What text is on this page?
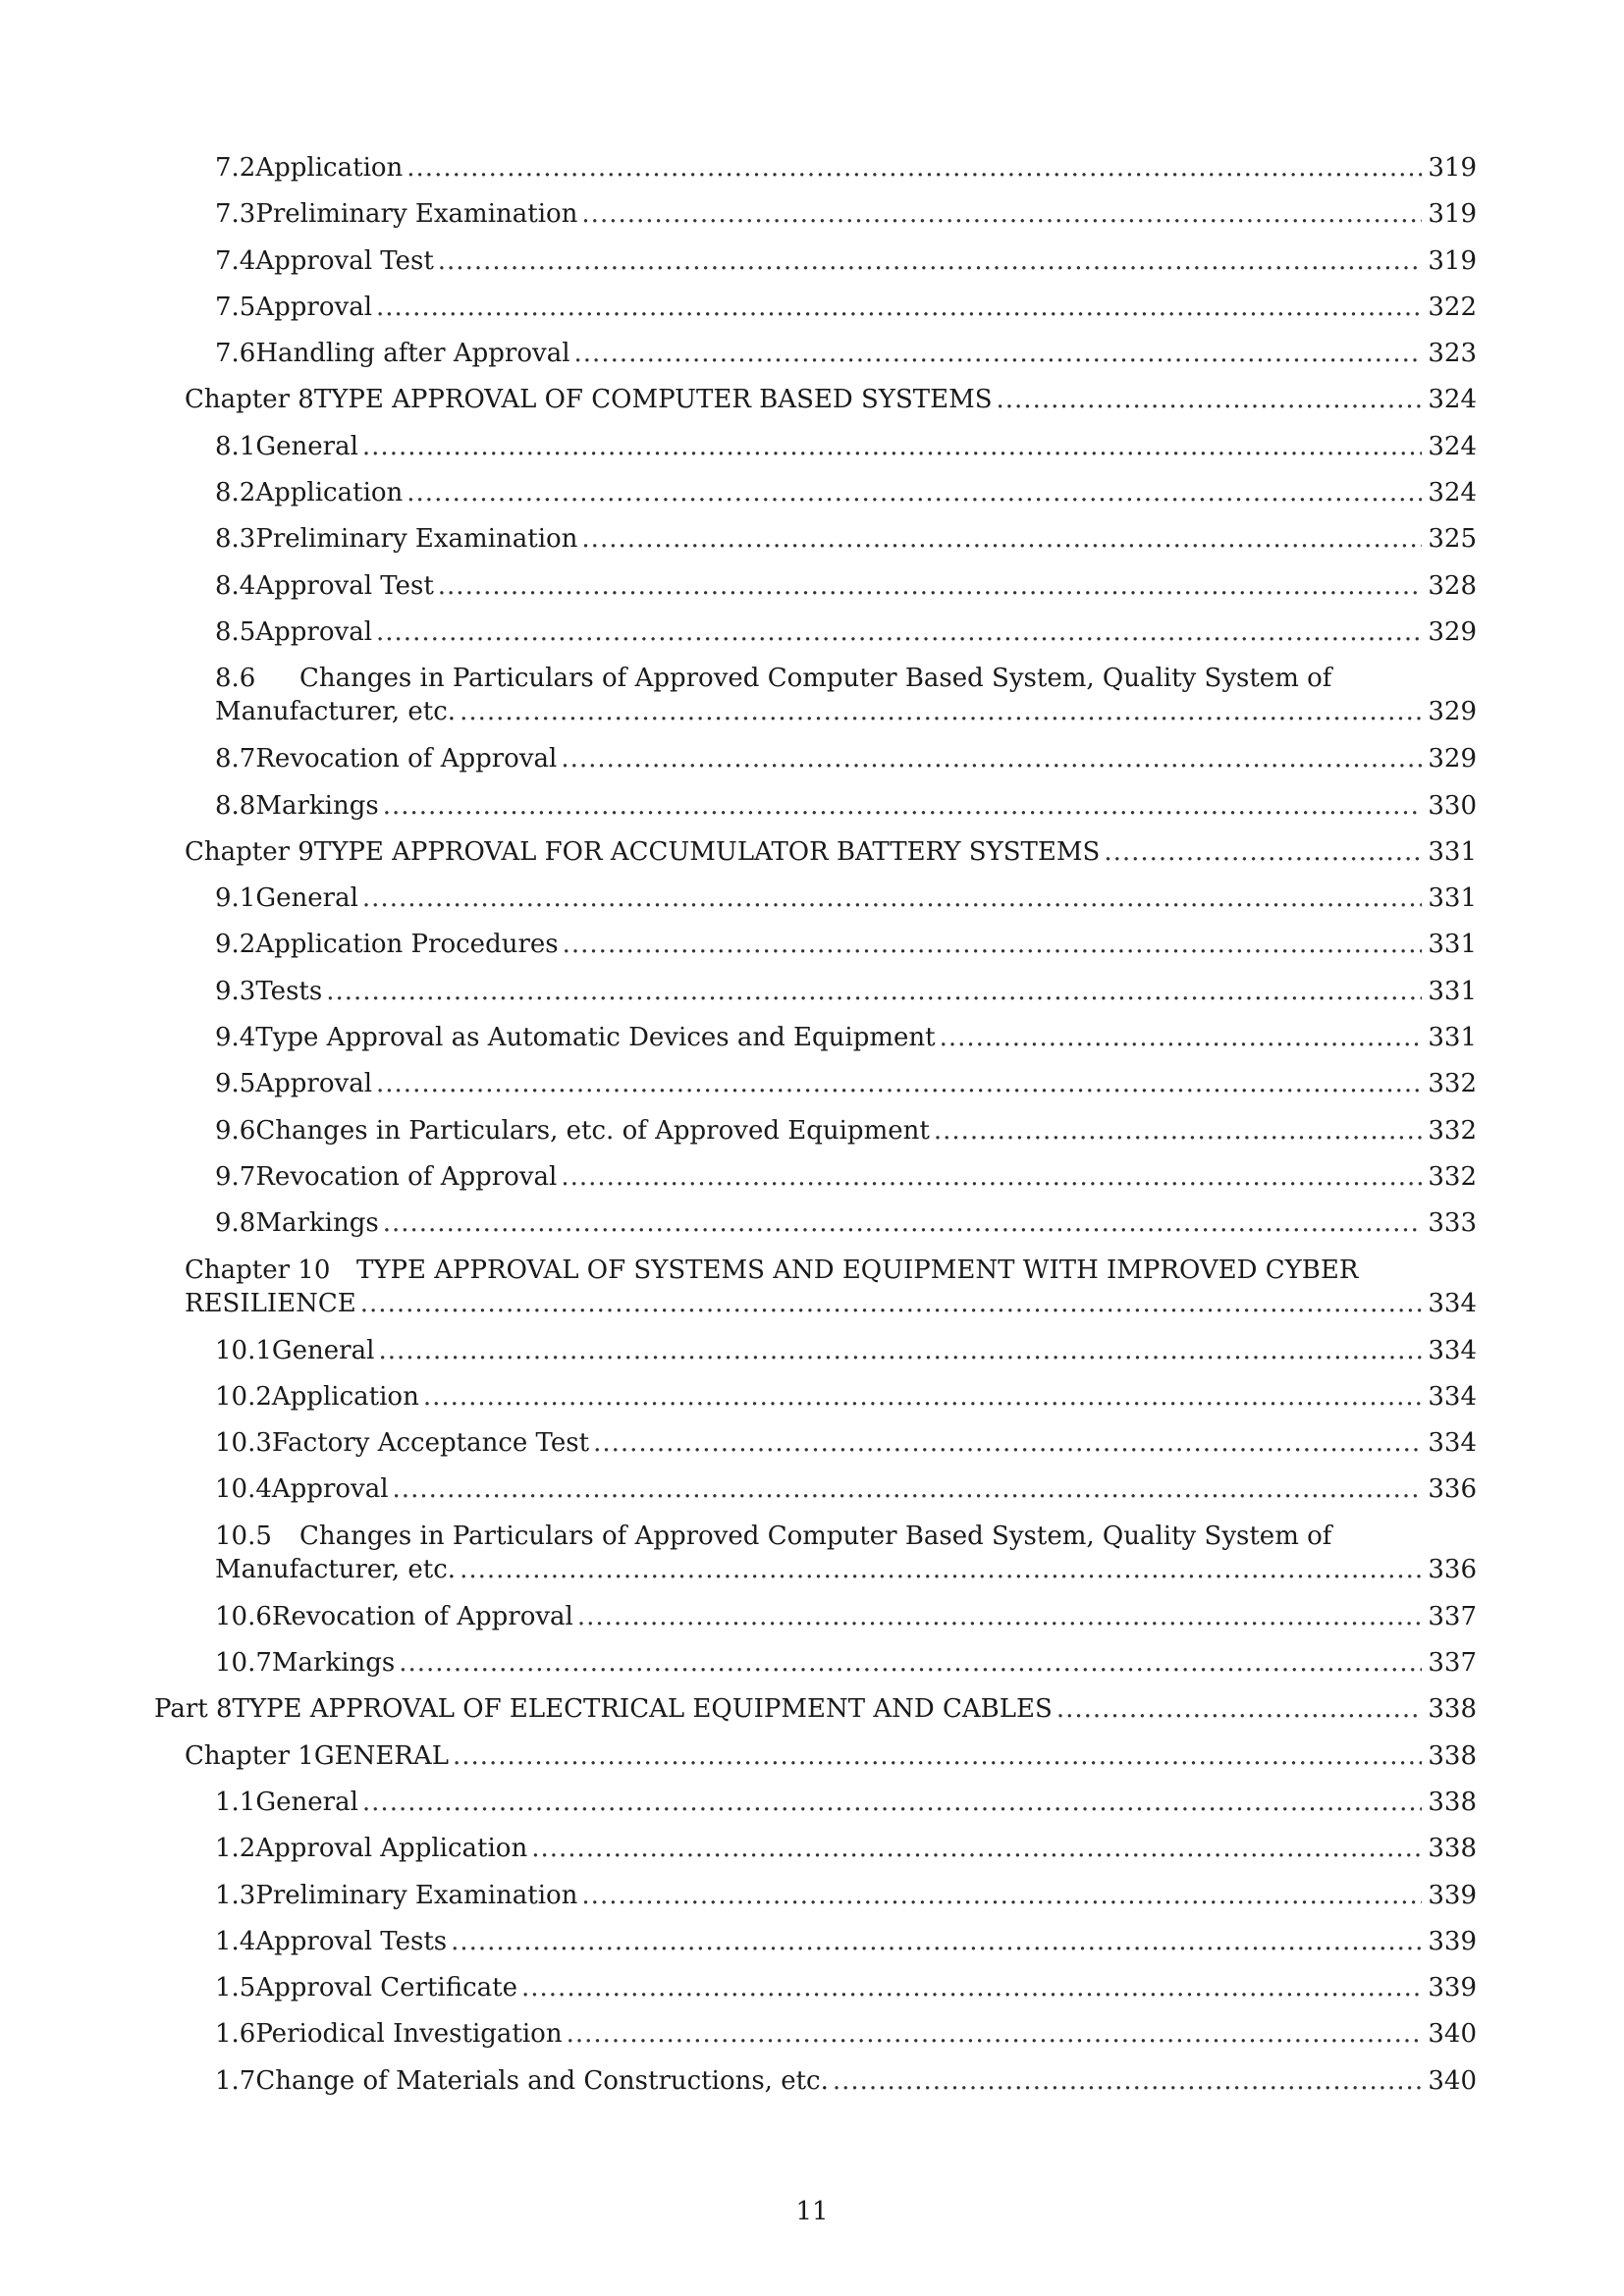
7.2 Application .....	319
7.3 Preliminary Examination .....	319
7.4 Approval Test .....	319
7.5 Approval .....	322
7.6 Handling after Approval .....	323
Chapter 8 TYPE APPROVAL OF COMPUTER BASED SYSTEMS .....	324
8.1 General .....	324
8.2 Application .....	324
8.3 Preliminary Examination .....	325
8.4 Approval Test .....	328
8.5 Approval .....	329
8.6	Changes in Particulars of Approved Computer Based System, Quality System of
Manufacturer, etc. .....	329
8.7 Revocation of Approval .....	329
8.8 Markings .....	330
Chapter 9 TYPE APPROVAL FOR ACCUMULATOR BATTERY SYSTEMS .....	331
9.1 General .....	331
9.2 Application Procedures .....	331
9.3 Tests .....	331
9.4 Type Approval as Automatic Devices and Equipment .....	331
9.5 Approval .....	332
9.6 Changes in Particulars, etc. of Approved Equipment .....	332
9.7 Revocation of Approval .....	332
9.8 Markings .....	333
Chapter 10	TYPE APPROVAL OF SYSTEMS AND EQUIPMENT WITH IMPROVED CYBER
RESILIENCE .....	334
10.1 General .....	334
10.2 Application .....	334
10.3 Factory Acceptance Test .....	334
10.4 Approval .....	336
10.5	Changes in Particulars of Approved Computer Based System, Quality System of
Manufacturer, etc. .....	336
10.6 Revocation of Approval .....	337
10.7 Markings .....	337
Part 8 TYPE APPROVAL OF ELECTRICAL EQUIPMENT AND CABLES .....	338
Chapter 1 GENERAL .....	338
1.1 General .....	338
1.2 Approval Application .....	338
1.3 Preliminary Examination .....	339
1.4 Approval Tests .....	339
1.5 Approval Certificate .....	339
1.6 Periodical Investigation .....	340
1.7 Change of Materials and Constructions, etc. .....	340
11
